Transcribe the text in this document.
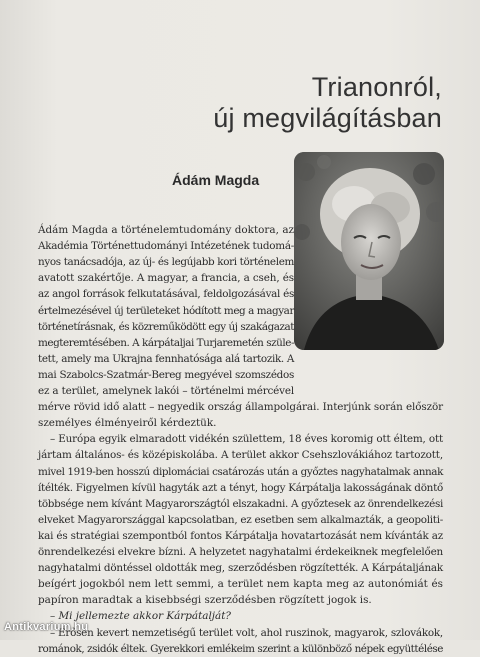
Trianonról,
új megvilágításban
Ádám Magda
Ádám Magda a történelemtudomány doktora, az
Akadémia Történettudományi Intézetének tudomá-
nyos tanácsadója, az új- és legújabb kori történelem
avatott szakértője. A magyar, a francia, a cseh, és
az angol források felkutatásával, feldolgozásával és
értelmezésével új területeket hódított meg a magyar
történetírásnak, és közreműködött egy új szakágazat
megteremtésében. A kárpátaljai Turjaremetén szüle-
tett, amely ma Ukrajna fennhatósága alá tartozik. A
mai Szabolcs-Szatmár-Bereg megyével szomszédos
ez a terület, amelynek lakói – történelmi mércével
mérve rövid idő alatt – negyedik ország állampolgárai. Interjúnk során először
személyes élményeiről kérdeztük.
– Európa egyik elmaradott vidékén születtem, 18 éves koromig ott éltem, ott
jártam általános- és középiskolába. A terület akkor Csehszlovákiához tartozott,
mivel 1919-ben hosszú diplomáciai csatározás után a győztes nagyhatalmak annak
ítélték. Figyelmen kívül hagyták azt a tényt, hogy Kárpátalja lakosságának döntő
többsége nem kívánt Magyarországtól elszakadni. A győztesek az önrendelkezési
elveket Magyarországgal kapcsolatban, ez esetben sem alkalmazták, a geopoliti-
kai és stratégiai szempontból fontos Kárpátalja hovatartozását nem kívánták az
önrendelkezési elvekre bízni. A helyzetet nagyhatalmi érdekeiknek megfelelően
nagyhatalmi döntéssel oldották meg, szerződésben rögzítették. A Kárpátaljának
beígért jogokból nem lett semmi, a terület nem kapta meg az autonómiát és
papíron maradtak a kisebbségi szerződésben rögzített jogok is.
– Mi jellemezte akkor Kárpátalját?
– Erősen kevert nemzetiségű terület volt, ahol ruszinok, magyarok, szlovákok,
románok, zsidók éltek. Gyerekkori emlékeim szerint a különböző népek együttélése
Antikvarium.hu
